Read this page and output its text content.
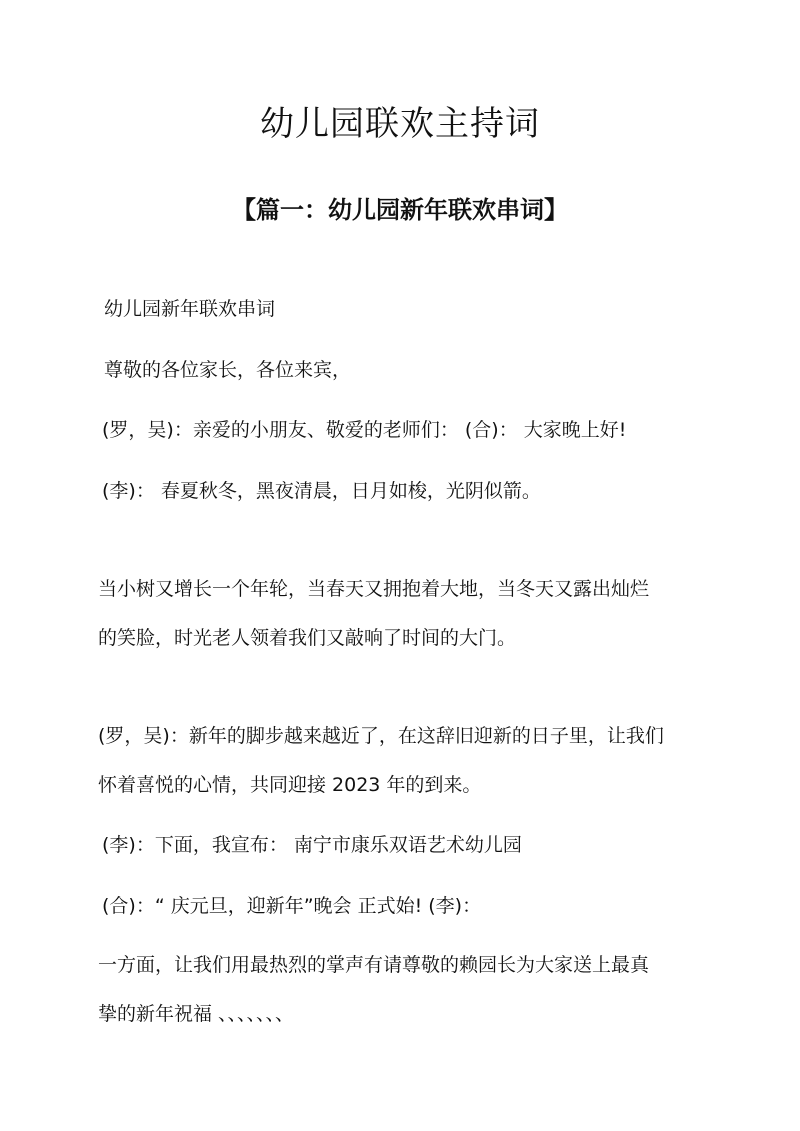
幼儿园联欢主持词
【篇一：幼儿园新年联欢串词】

幼儿园新年联欢串词

尊敬的各位家长，各位来宾，

(罗，吴)：亲爱的小朋友、敬爱的老师们： (合)： 大家晚上好!

(李)： 春夏秋冬，黑夜清晨，日月如梭，光阴似箭。

当小树又增长一个年轮，当春天又拥抱着大地，当冬天又露出灿烂

的笑脸，时光老人领着我们又敲响了时间的大门。

(罗，吴)：新年的脚步越来越近了，在这辞旧迎新的日子里，让我们

怀着喜悦的心情，共同迎接 2023 年的到来。

(李)：下面，我宣布： 南宁市康乐双语艺术幼儿园

(合)：“ 庆元旦，迎新年”晚会 正式始! (李)：

一方面，让我们用最热烈的掌声有请尊敬的赖园长为大家送上最真

挚的新年祝福 、、、、、、、
